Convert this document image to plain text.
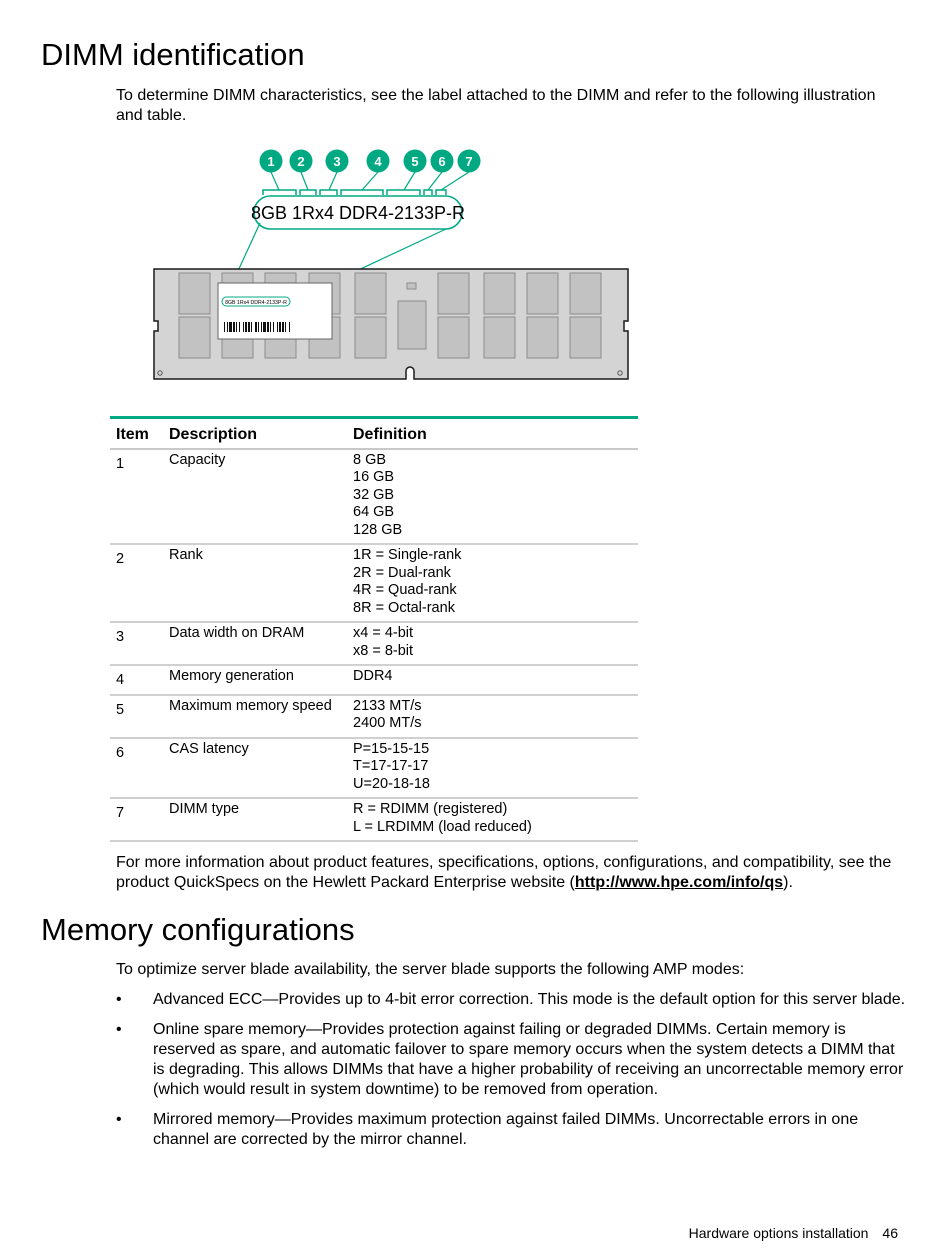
DIMM identification

To determine DIMM characteristics, see the label attached to the DIMM and refer to the following illustration and table.

1 2 3	4 5 6 7
8GB 1Rx4 DDR4-2133P-R
8GB 1Rx4 DDR4-2133P-R
Item	Description	Definition
1	Capacity	8 GB
16 GB
32 GB
64 GB
128 GB

2	Rank	1R = Single-rank
2R = Dual-rank
4R = Quad-rank
8R = Octal-rank

3	Data width on DRAM	x4 = 4-bit
x8 = 8-bit

4	Memory generation	DDR4

5	Maximum memory speed	2133 MT/s
2400 MT/s

6	CAS latency	P=15-15-15
T=17-17-17
U=20-18-18

7	DIMM type	R = RDIMM (registered)
L = LRDIMM (load reduced)

For more information about product features, specifications, options, configurations, and compatibility, see the product QuickSpecs on the Hewlett Packard Enterprise website (http://www.hpe.com/info/qs).

Memory configurations

To optimize server blade availability, the server blade supports the following AMP modes:

• Advanced ECC—Provides up to 4-bit error correction. This mode is the default option for this server blade.
• Online spare memory—Provides protection against failing or degraded DIMMs. Certain memory is reserved as spare, and automatic failover to spare memory occurs when the system detects a DIMM that is degrading. This allows DIMMs that have a higher probability of receiving an uncorrectable memory error (which would result in system downtime) to be removed from operation.
• Mirrored memory—Provides maximum protection against failed DIMMs. Uncorrectable errors in one channel are corrected by the mirror channel.
Hardware options installation 46
